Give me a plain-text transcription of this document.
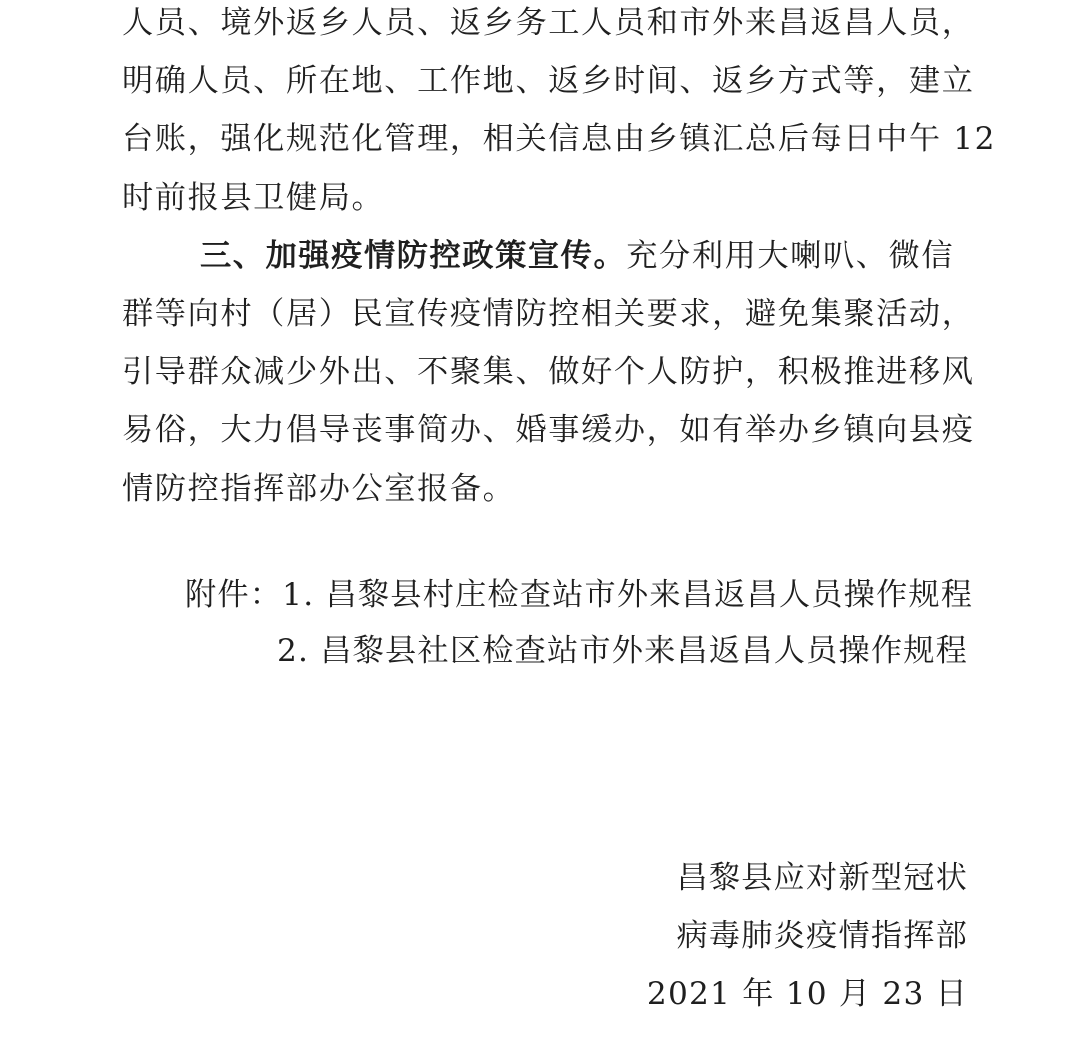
人员、境外返乡人员、返乡务工人员和市外来昌返昌人员，
明确人员、所在地、工作地、返乡时间、返乡方式等，建立
台账，强化规范化管理，相关信息由乡镇汇总后每日中午 12
时前报县卫健局。
三、加强疫情防控政策宣传。充分利用大喇叭、微信
群等向村（居）民宣传疫情防控相关要求，避免集聚活动，
引导群众减少外出、不聚集、做好个人防护，积极推进移风
易俗，大力倡导丧事简办、婚事缓办，如有举办乡镇向县疫
情防控指挥部办公室报备。
附件：1. 昌黎县村庄检查站市外来昌返昌人员操作规程
2. 昌黎县社区检查站市外来昌返昌人员操作规程
昌黎县应对新型冠状
病毒肺炎疫情指挥部
2021 年 10 月 23 日
